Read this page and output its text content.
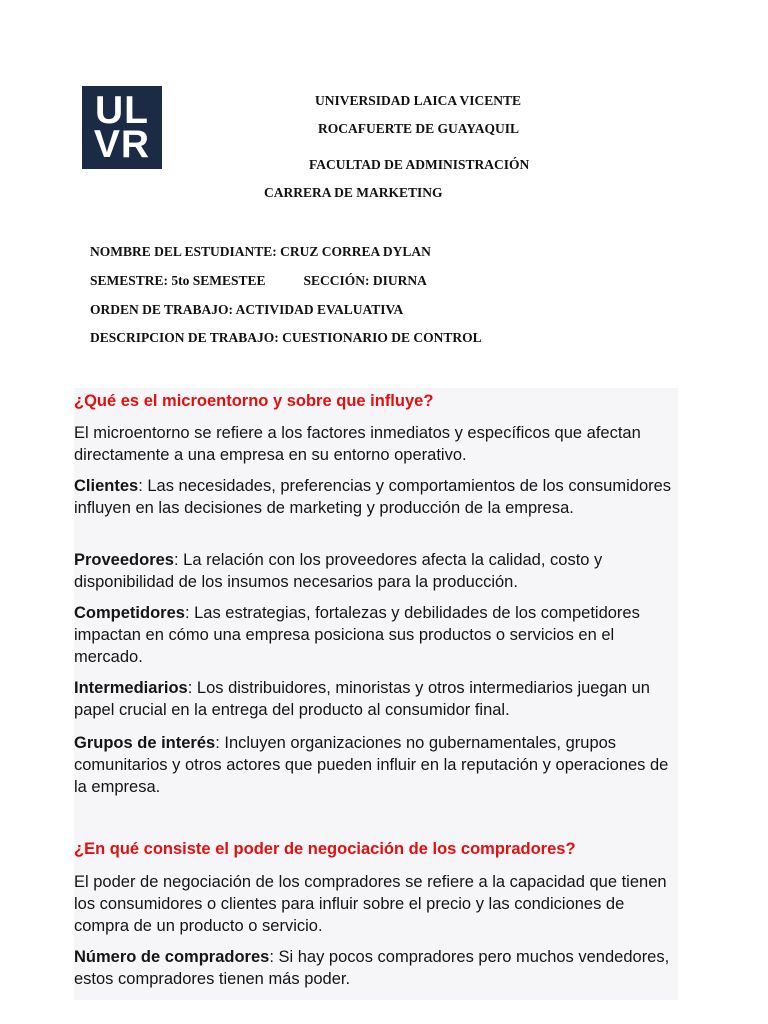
UL
VR

UNIVERSIDAD LAICA VICENTE

ROCAFUERTE DE GUAYAQUIL

FACULTAD DE ADMINISTRACIÓN

CARRERA DE MARKETING

NOMBRE DEL ESTUDIANTE: CRUZ CORREA DYLAN

SEMESTRE: 5to SEMESTEE	SECCIÓN: DIURNA

ORDEN DE TRABAJO: ACTIVIDAD EVALUATIVA

DESCRIPCION DE TRABAJO: CUESTIONARIO DE CONTROL

¿Qué es el microentorno y sobre que influye?

El microentorno se refiere a los factores inmediatos y específicos que afectan directamente a una empresa en su entorno operativo.

Clientes: Las necesidades, preferencias y comportamientos de los consumidores influyen en las decisiones de marketing y producción de la empresa.

Proveedores: La relación con los proveedores afecta la calidad, costo y disponibilidad de los insumos necesarios para la producción.

Competidores: Las estrategias, fortalezas y debilidades de los competidores impactan en cómo una empresa posiciona sus productos o servicios en el mercado.

Intermediarios: Los distribuidores, minoristas y otros intermediarios juegan un papel crucial en la entrega del producto al consumidor final.

Grupos de interés: Incluyen organizaciones no gubernamentales, grupos comunitarios y otros actores que pueden influir en la reputación y operaciones de la empresa.

¿En qué consiste el poder de negociación de los compradores?

El poder de negociación de los compradores se refiere a la capacidad que tienen los consumidores o clientes para influir sobre el precio y las condiciones de compra de un producto o servicio.

Número de compradores: Si hay pocos compradores pero muchos vendedores, estos compradores tienen más poder.
